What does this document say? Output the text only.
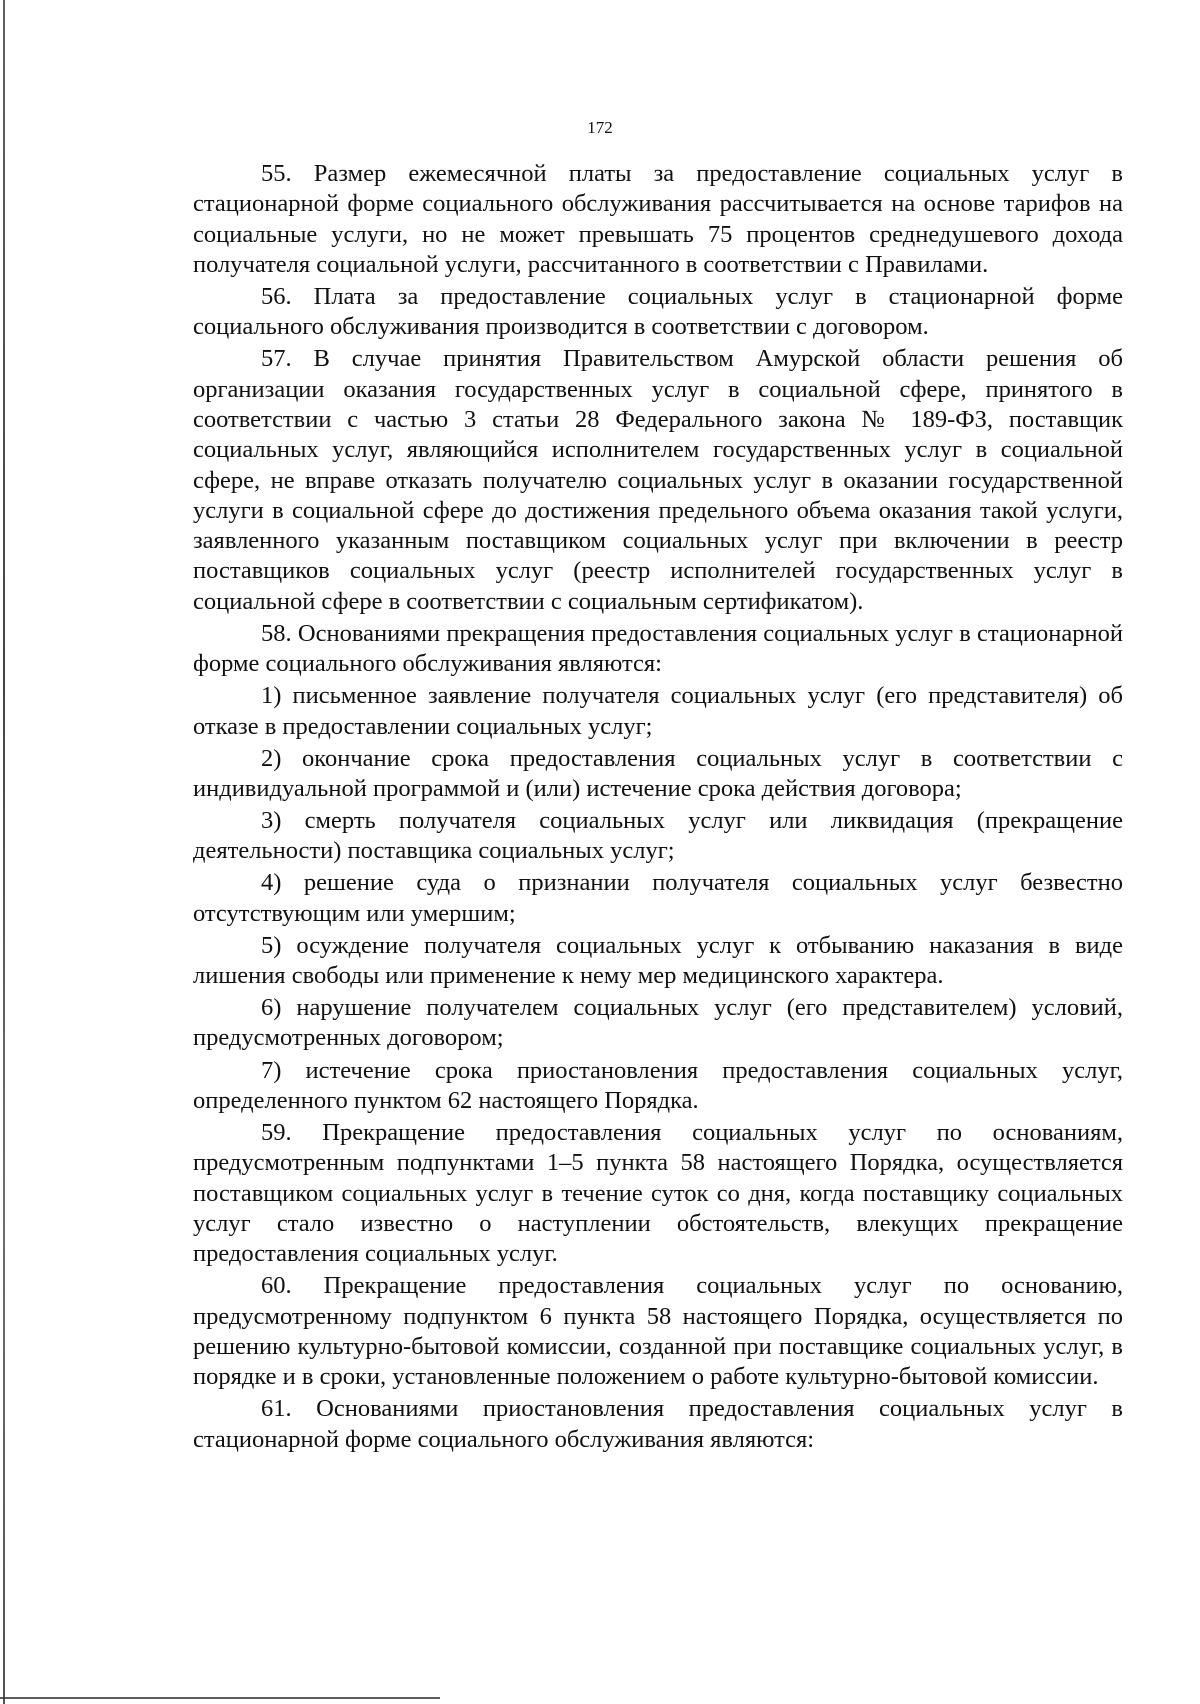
172

55. Размер ежемесячной платы за предоставление социальных услуг в стационарной форме социального обслуживания рассчитывается на основе тарифов на социальные услуги, но не может превышать 75 процентов среднедушевого дохода получателя социальной услуги, рассчитанного в соответствии с Правилами.

56. Плата за предоставление социальных услуг в стационарной форме социального обслуживания производится в соответствии с договором.

57. В случае принятия Правительством Амурской области решения об организации оказания государственных услуг в социальной сфере, принятого в соответствии с частью 3 статьи 28 Федерального закона № 189-ФЗ, поставщик социальных услуг, являющийся исполнителем государственных услуг в социальной сфере, не вправе отказать получателю социальных услуг в оказании государственной услуги в социальной сфере до достижения предельного объема оказания такой услуги, заявленного указанным поставщиком социальных услуг при включении в реестр поставщиков социальных услуг (реестр исполнителей государственных услуг в социальной сфере в соответствии с социальным сертификатом).

58. Основаниями прекращения предоставления социальных услуг в стационарной форме социального обслуживания являются:

1) письменное заявление получателя социальных услуг (его представителя) об отказе в предоставлении социальных услуг;

2) окончание срока предоставления социальных услуг в соответствии с индивидуальной программой и (или) истечение срока действия договора;

3) смерть получателя социальных услуг или ликвидация (прекращение деятельности) поставщика социальных услуг;

4) решение суда о признании получателя социальных услуг безвестно отсутствующим или умершим;

5) осуждение получателя социальных услуг к отбыванию наказания в виде лишения свободы или применение к нему мер медицинского характера.

6) нарушение получателем социальных услуг (его представителем) условий, предусмотренных договором;

7) истечение срока приостановления предоставления социальных услуг, определенного пунктом 62 настоящего Порядка.

59. Прекращение предоставления социальных услуг по основаниям, предусмотренным подпунктами 1–5 пункта 58 настоящего Порядка, осуществляется поставщиком социальных услуг в течение суток со дня, когда поставщику социальных услуг стало известно о наступлении обстоятельств, влекущих прекращение предоставления социальных услуг.

60. Прекращение предоставления социальных услуг по основанию, предусмотренному подпунктом 6 пункта 58 настоящего Порядка, осуществляется по решению культурно-бытовой комиссии, созданной при поставщике социальных услуг, в порядке и в сроки, установленные положением о работе культурно-бытовой комиссии.

61. Основаниями приостановления предоставления социальных услуг в стационарной форме социального обслуживания являются:
